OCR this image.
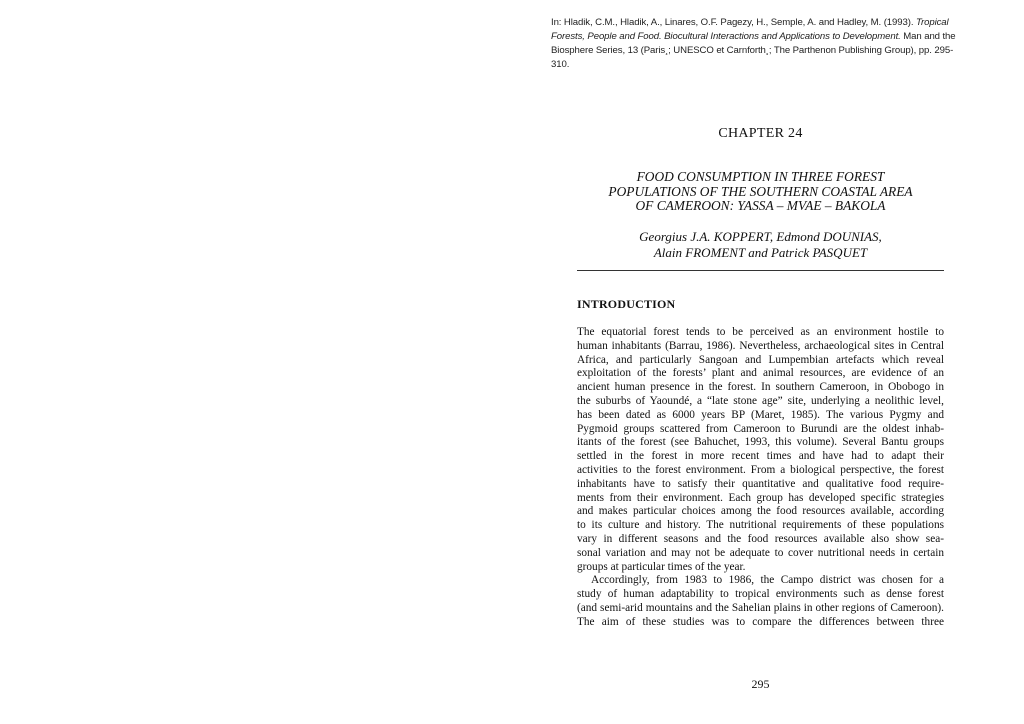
In: Hladik, C.M., Hladik, A., Linares, O.F. Pagezy, H., Semple, A. and Hadley, M. (1993). Tropical Forests, People and Food. Biocultural Interactions and Applications to Development. Man and the Biosphere Series, 13 (Paris¸; UNESCO et Carnforth¸; The Parthenon Publishing Group), pp. 295-310.
CHAPTER 24
FOOD CONSUMPTION IN THREE FOREST
POPULATIONS OF THE SOUTHERN COASTAL AREA
OF CAMEROON: YASSA – MVAE – BAKOLA
Georgius J.A. KOPPERT, Edmond DOUNIAS,
Alain FROMENT and Patrick PASQUET
INTRODUCTION
The equatorial forest tends to be perceived as an environment hostile to
human inhabitants (Barrau, 1986). Nevertheless, archaeological sites in Central
Africa, and particularly Sangoan and Lumpembian artefacts which reveal
exploitation of the forests’ plant and animal resources, are evidence of an
ancient human presence in the forest. In southern Cameroon, in Obobogo in
the suburbs of Yaoundé, a “late stone age” site, underlying a neolithic level,
has been dated as 6000 years BP (Maret, 1985). The various Pygmy and
Pygmoid groups scattered from Cameroon to Burundi are the oldest inhab-
itants of the forest (see Bahuchet, 1993, this volume). Several Bantu groups
settled in the forest in more recent times and have had to adapt their
activities to the forest environment. From a biological perspective, the forest
inhabitants have to satisfy their quantitative and qualitative food require-
ments from their environment. Each group has developed specific strategies
and makes particular choices among the food resources available, according
to its culture and history. The nutritional requirements of these populations
vary in different seasons and the food resources available also show sea-
sonal variation and may not be adequate to cover nutritional needs in certain
groups at particular times of the year.
Accordingly, from 1983 to 1986, the Campo district was chosen for a
study of human adaptability to tropical environments such as dense forest
(and semi-arid mountains and the Sahelian plains in other regions of Cameroon).
The aim of these studies was to compare the differences between three
295
